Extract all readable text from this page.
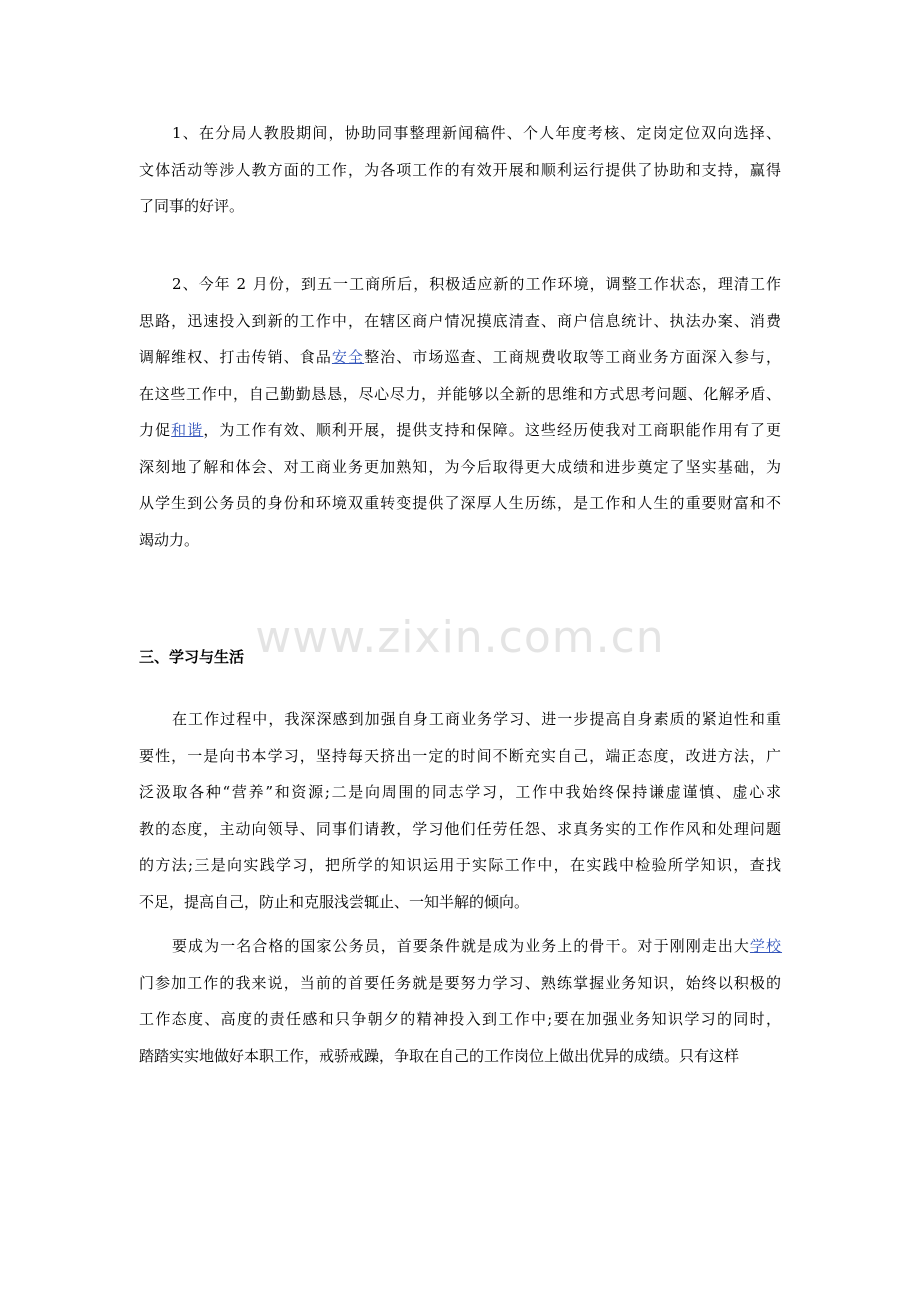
1、在分局人教股期间，协助同事整理新闻稿件、个人年度考核、定岗定位双向选择、
文体活动等涉人教方面的工作，为各项工作的有效开展和顺利运行提供了协助和支持，赢得
了同事的好评。
2、今年 2 月份，到五一工商所后，积极适应新的工作环境，调整工作状态，理清工作
思路，迅速投入到新的工作中，在辖区商户情况摸底清查、商户信息统计、执法办案、消费
调解维权、打击传销、食品安全整治、市场巡查、工商规费收取等工商业务方面深入参与，
在这些工作中，自己勤勤恳恳，尽心尽力，并能够以全新的思维和方式思考问题、化解矛盾、
力促和谐，为工作有效、顺利开展，提供支持和保障。这些经历使我对工商职能作用有了更
深刻地了解和体会、对工商业务更加熟知，为今后取得更大成绩和进步奠定了坚实基础，为
从学生到公务员的身份和环境双重转变提供了深厚人生历练，是工作和人生的重要财富和不
竭动力。
三、学习与生活
在工作过程中，我深深感到加强自身工商业务学习、进一步提高自身素质的紧迫性和重
要性，一是向书本学习，坚持每天挤出一定的时间不断充实自己，端正态度，改进方法，广
泛汲取各种“营养”和资源;二是向周围的同志学习，工作中我始终保持谦虚谨慎、虚心求
教的态度，主动向领导、同事们请教，学习他们任劳任怨、求真务实的工作作风和处理问题
的方法;三是向实践学习，把所学的知识运用于实际工作中，在实践中检验所学知识，查找
不足，提高自己，防止和克服浅尝辄止、一知半解的倾向。
要成为一名合格的国家公务员，首要条件就是成为业务上的骨干。对于刚刚走出大学校
门参加工作的我来说，当前的首要任务就是要努力学习、熟练掌握业务知识，始终以积极的
工作态度、高度的责任感和只争朝夕的精神投入到工作中;要在加强业务知识学习的同时，
踏踏实实地做好本职工作，戒骄戒躁，争取在自己的工作岗位上做出优异的成绩。只有这样
www.zixin.com.cn
